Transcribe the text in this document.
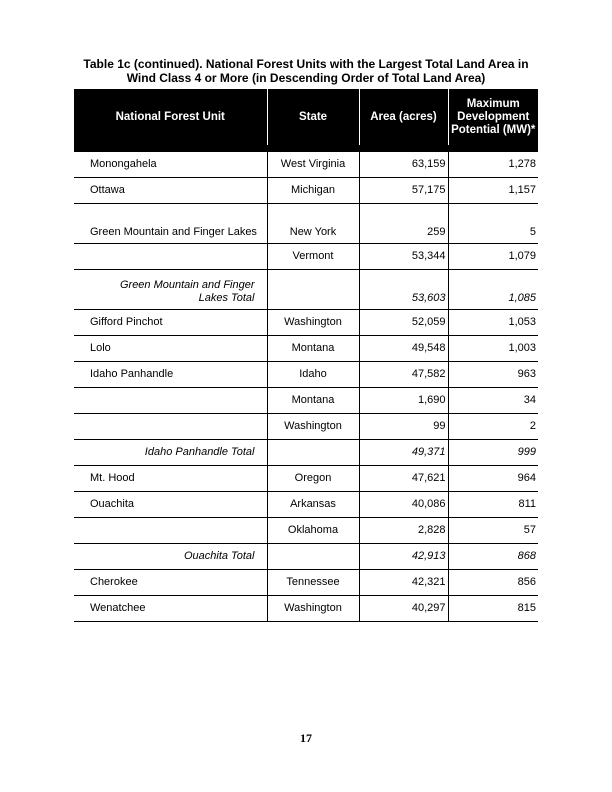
Table 1c (continued). National Forest Units with the Largest Total Land Area in
Wind Class 4 or More (in Descending Order of Total Land Area)
National Forest Unit	State	Area (acres)	Maximum
Development
Potential (MW)*

Monongahela	West Virginia	63,159	1,278
Ottawa	Michigan	57,175	1,157
Green Mountain and Finger Lakes	New York	259	5
	Vermont	53,344	1,079
Green Mountain and Finger Lakes Total		53,603	1,085
Gifford Pinchot	Washington	52,059	1,053
Lolo	Montana	49,548	1,003
Idaho Panhandle	Idaho	47,582	963
	Montana	1,690	34
	Washington	99	2
Idaho Panhandle Total		49,371	999
Mt. Hood	Oregon	47,621	964
Ouachita	Arkansas	40,086	811
	Oklahoma	2,828	57
Ouachita Total		42,913	868
Cherokee	Tennessee	42,321	856
Wenatchee	Washington	40,297	815
17
